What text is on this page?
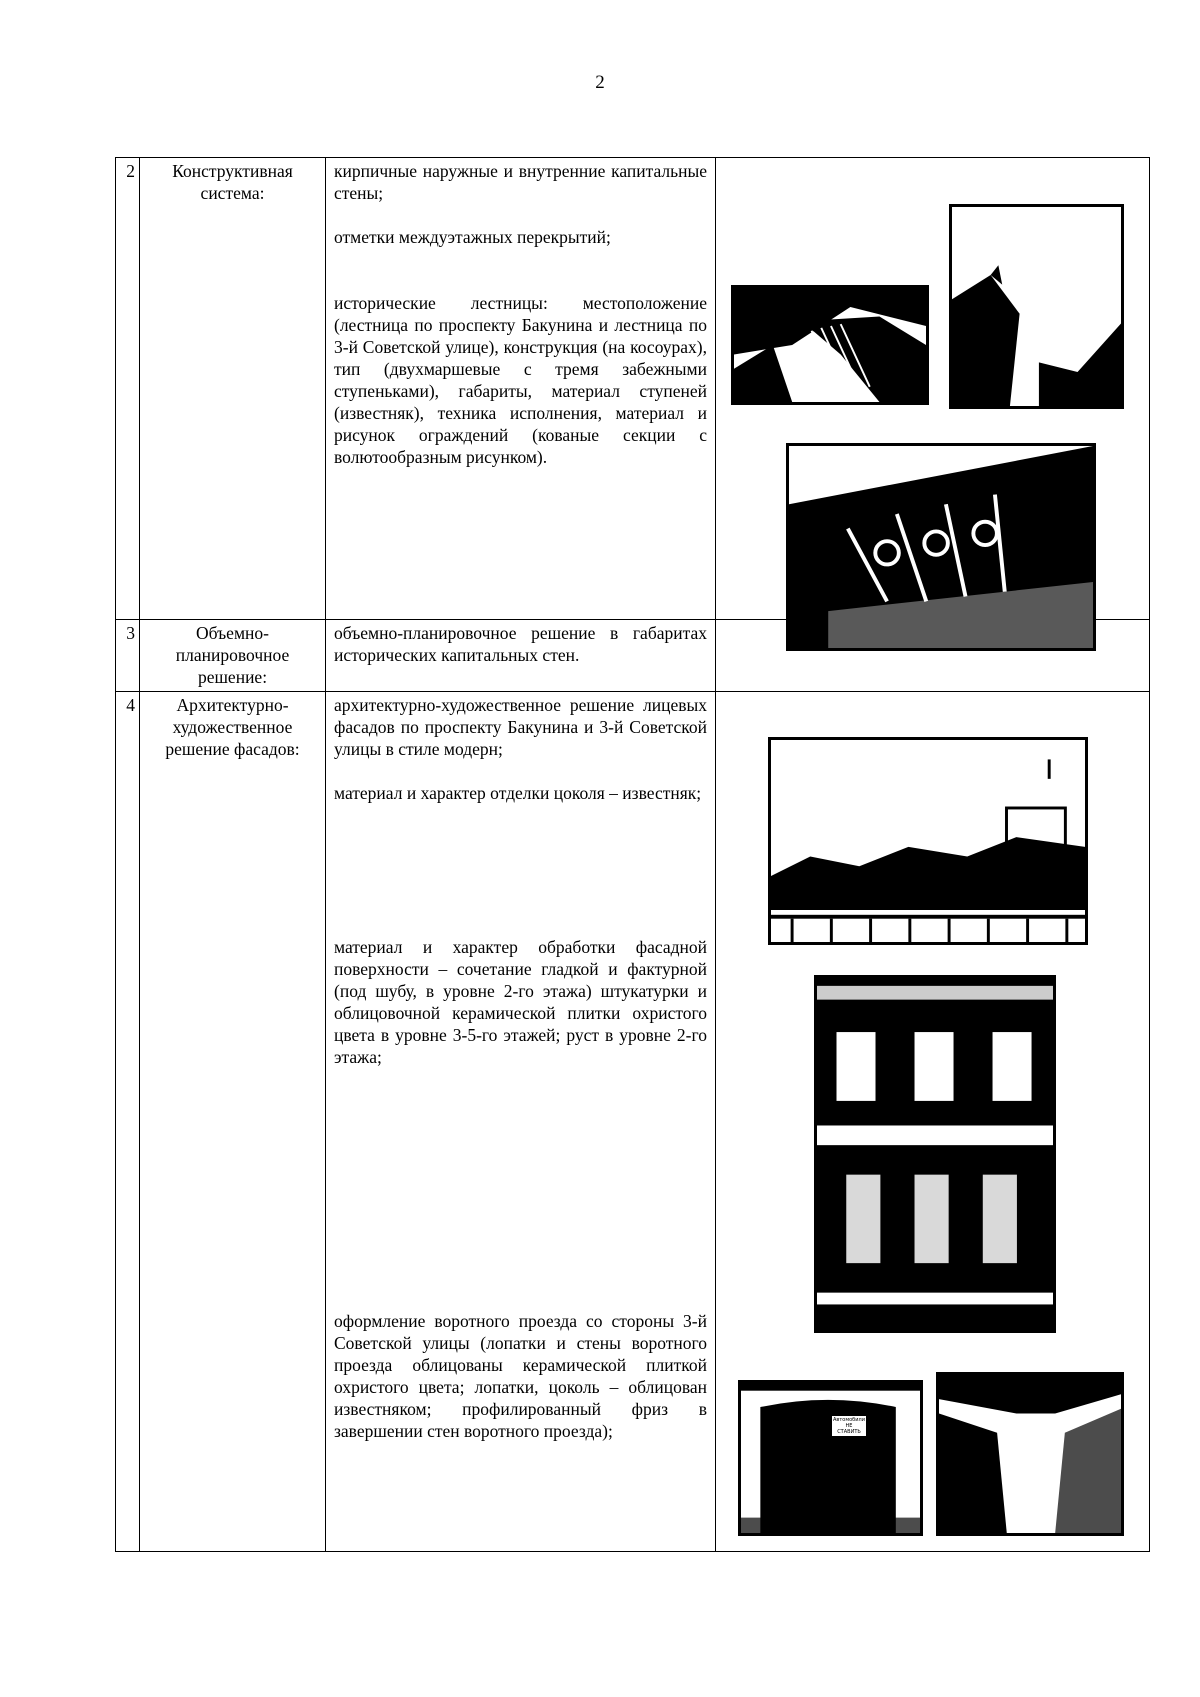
2
2	Конструктивная система:	кирпичные наружные и внутренние капитальные стены;

отметки междуэтажных перекрытий;

исторические лестницы: местоположение (лестница по проспекту Бакунина и лестница по 3-й Советской улице), конструкция (на косоурах), тип (двухмаршевые с тремя забежными ступеньками), габариты, материал ступеней (известняк), техника исполнения, материал и рисунок ограждений (кованые секции с волютообразным рисунком).

3	Объемно-планировочное решение:	объемно-планировочное решение в габаритах исторических капитальных стен.	

4	Архитектурно-художественное решение фасадов:	архитектурно-художественное решение лицевых фасадов по проспекту Бакунина и 3-й Советской улицы в стиле модерн;

материал и характер отделки цоколя – известняк;

материал и характер обработки фасадной поверхности – сочетание гладкой и фактурной (под шубу, в уровне 2-го этажа) штукатурки и облицовочной керамической плитки охристого цвета в уровне 3-5-го этажей; руст в уровне 2-го этажа;

оформление воротного проезда со стороны 3-й Советской улицы (лопатки и стены воротного проезда облицованы керамической плиткой охристого цвета; лопатки, цоколь – облицован известняком; профилированный фриз в завершении стен воротного проезда);	Автомобили НЕ СТАВИТЬ
